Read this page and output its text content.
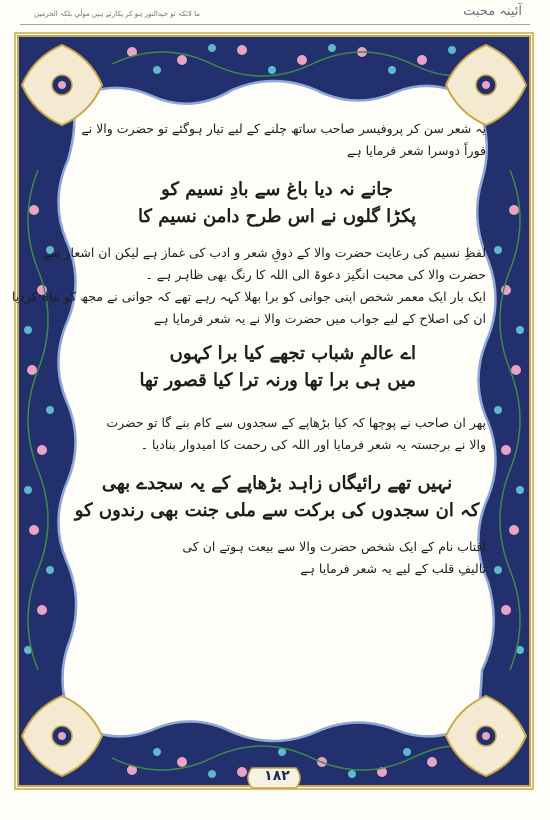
آئینہ محبت
ما لائکہ تو حیدالنور ہو کر پکارتے ہیں مولٰیِ بلکہ الحرمین

یہ شعر سن کر پروفیسر صاحب ساتھ چلنے کے لیے تیار ہوگئے تو حضرت والا نے
فوراً دوسرا شعر فرمایا ہے

جانے نہ دیا باغ سے بادِ نسیم کو
پکڑا گلوں نے اس طرح دامن نسیم کا

لفظِ نسیم کی رعایت حضرت والا کے ذوقِ شعر و ادب کی غماز ہے لیکن ان اشعار سے
حضرت والا کی محبت انگیز دعوۃ الی اللہ کا رنگ بھی ظاہر ہے ۔
ایک بار ایک معمر شخص اپنی جوانی کو برا بھلا کہہ رہے تھے کہ جوانی نے مجھ کو تباہ کردیا
ان کی اصلاح کے لیے جواب میں حضرت والا نے یہ شعر فرمایا ہے

اے عالمِ شباب تجھے کیا برا کہوں
میں ہی برا تھا ورنہ ترا کیا قصور تھا

پھر ان صاحب نے پوچھا کہ کیا بڑھاپے کے سجدوں سے کام بنے گا تو حضرت
والا نے برجستہ یہ شعر فرمایا اور اللہ کی رحمت کا امیدوار بنادیا ۔

نہیں تھے رائیگاں زاہد بڑھاپے کے یہ سجدے بھی
کہ ان سجدوں کی برکت سے ملی جنت بھی رندوں کو

آفتاب نام کے ایک شخص حضرت والا سے بیعت ہوتے ان کی
تالیفِ قلب کے لیے یہ شعر فرمایا ہے

۱۸۲
